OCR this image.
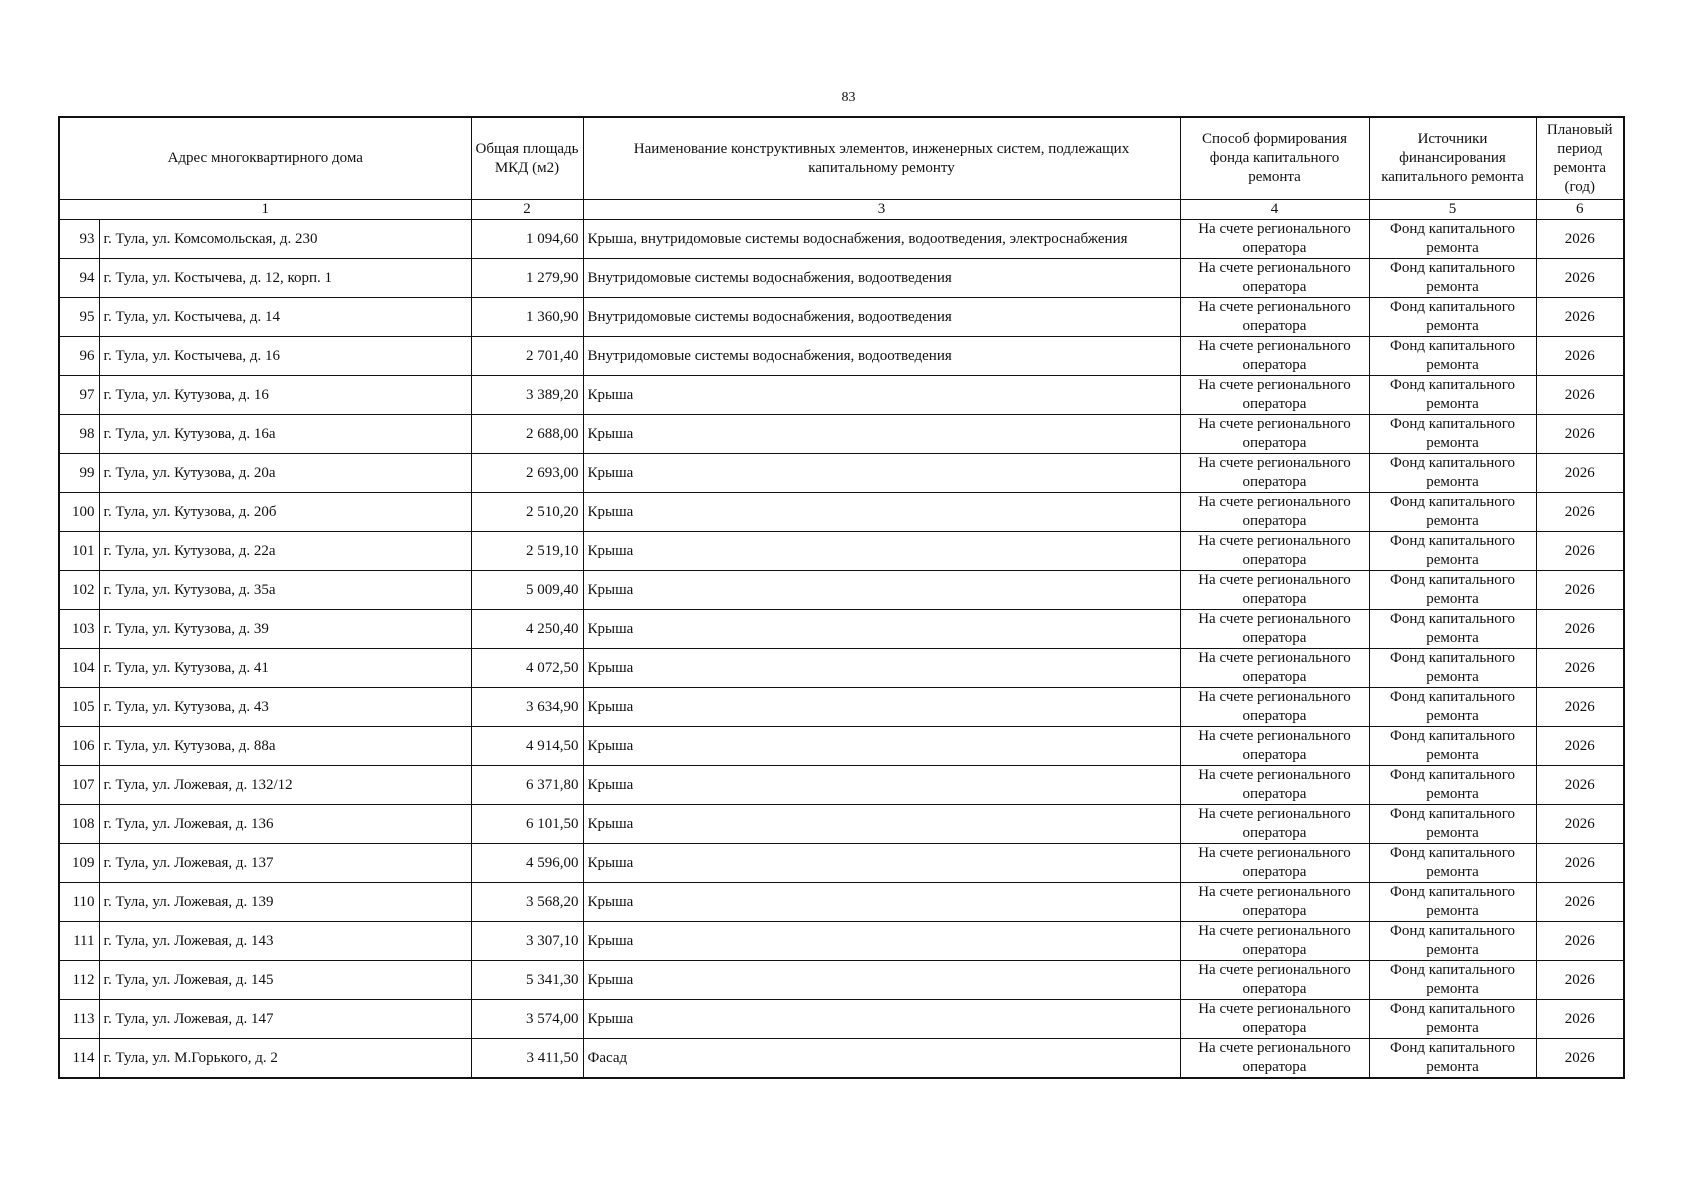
83
Адрес многоквартирного дома		Общая площадь МКД (м2)	Наименование конструктивных элементов, инженерных систем, подлежащих капитальному ремонту	Способ формирования фонда капитального ремонта	Источники финансирования капитального ремонта	Плановый период ремонта (год)
1		2	3	4	5	6
93	г. Тула, ул. Комсомольская, д. 230	1 094,60	Крыша, внутридомовые системы водоснабжения, водоотведения, электроснабжения	На счете регионального оператора	Фонд капитального ремонта	2026
94	г. Тула, ул. Костычева, д. 12, корп. 1	1 279,90	Внутридомовые системы водоснабжения, водоотведения	На счете регионального оператора	Фонд капитального ремонта	2026
95	г. Тула, ул. Костычева, д. 14	1 360,90	Внутридомовые системы водоснабжения, водоотведения	На счете регионального оператора	Фонд капитального ремонта	2026
96	г. Тула, ул. Костычева, д. 16	2 701,40	Внутридомовые системы водоснабжения, водоотведения	На счете регионального оператора	Фонд капитального ремонта	2026
97	г. Тула, ул. Кутузова, д. 16	3 389,20	Крыша	На счете регионального оператора	Фонд капитального ремонта	2026
98	г. Тула, ул. Кутузова, д. 16а	2 688,00	Крыша	На счете регионального оператора	Фонд капитального ремонта	2026
99	г. Тула, ул. Кутузова, д. 20а	2 693,00	Крыша	На счете регионального оператора	Фонд капитального ремонта	2026
100	г. Тула, ул. Кутузова, д. 20б	2 510,20	Крыша	На счете регионального оператора	Фонд капитального ремонта	2026
101	г. Тула, ул. Кутузова, д. 22а	2 519,10	Крыша	На счете регионального оператора	Фонд капитального ремонта	2026
102	г. Тула, ул. Кутузова, д. 35а	5 009,40	Крыша	На счете регионального оператора	Фонд капитального ремонта	2026
103	г. Тула, ул. Кутузова, д. 39	4 250,40	Крыша	На счете регионального оператора	Фонд капитального ремонта	2026
104	г. Тула, ул. Кутузова, д. 41	4 072,50	Крыша	На счете регионального оператора	Фонд капитального ремонта	2026
105	г. Тула, ул. Кутузова, д. 43	3 634,90	Крыша	На счете регионального оператора	Фонд капитального ремонта	2026
106	г. Тула, ул. Кутузова, д. 88а	4 914,50	Крыша	На счете регионального оператора	Фонд капитального ремонта	2026
107	г. Тула, ул. Ложевая, д. 132/12	6 371,80	Крыша	На счете регионального оператора	Фонд капитального ремонта	2026
108	г. Тула, ул. Ложевая, д. 136	6 101,50	Крыша	На счете регионального оператора	Фонд капитального ремонта	2026
109	г. Тула, ул. Ложевая, д. 137	4 596,00	Крыша	На счете регионального оператора	Фонд капитального ремонта	2026
110	г. Тула, ул. Ложевая, д. 139	3 568,20	Крыша	На счете регионального оператора	Фонд капитального ремонта	2026
111	г. Тула, ул. Ложевая, д. 143	3 307,10	Крыша	На счете регионального оператора	Фонд капитального ремонта	2026
112	г. Тула, ул. Ложевая, д. 145	5 341,30	Крыша	На счете регионального оператора	Фонд капитального ремонта	2026
113	г. Тула, ул. Ложевая, д. 147	3 574,00	Крыша	На счете регионального оператора	Фонд капитального ремонта	2026
114	г. Тула, ул. М.Горького, д. 2	3 411,50	Фасад	На счете регионального оператора	Фонд капитального ремонта	2026
